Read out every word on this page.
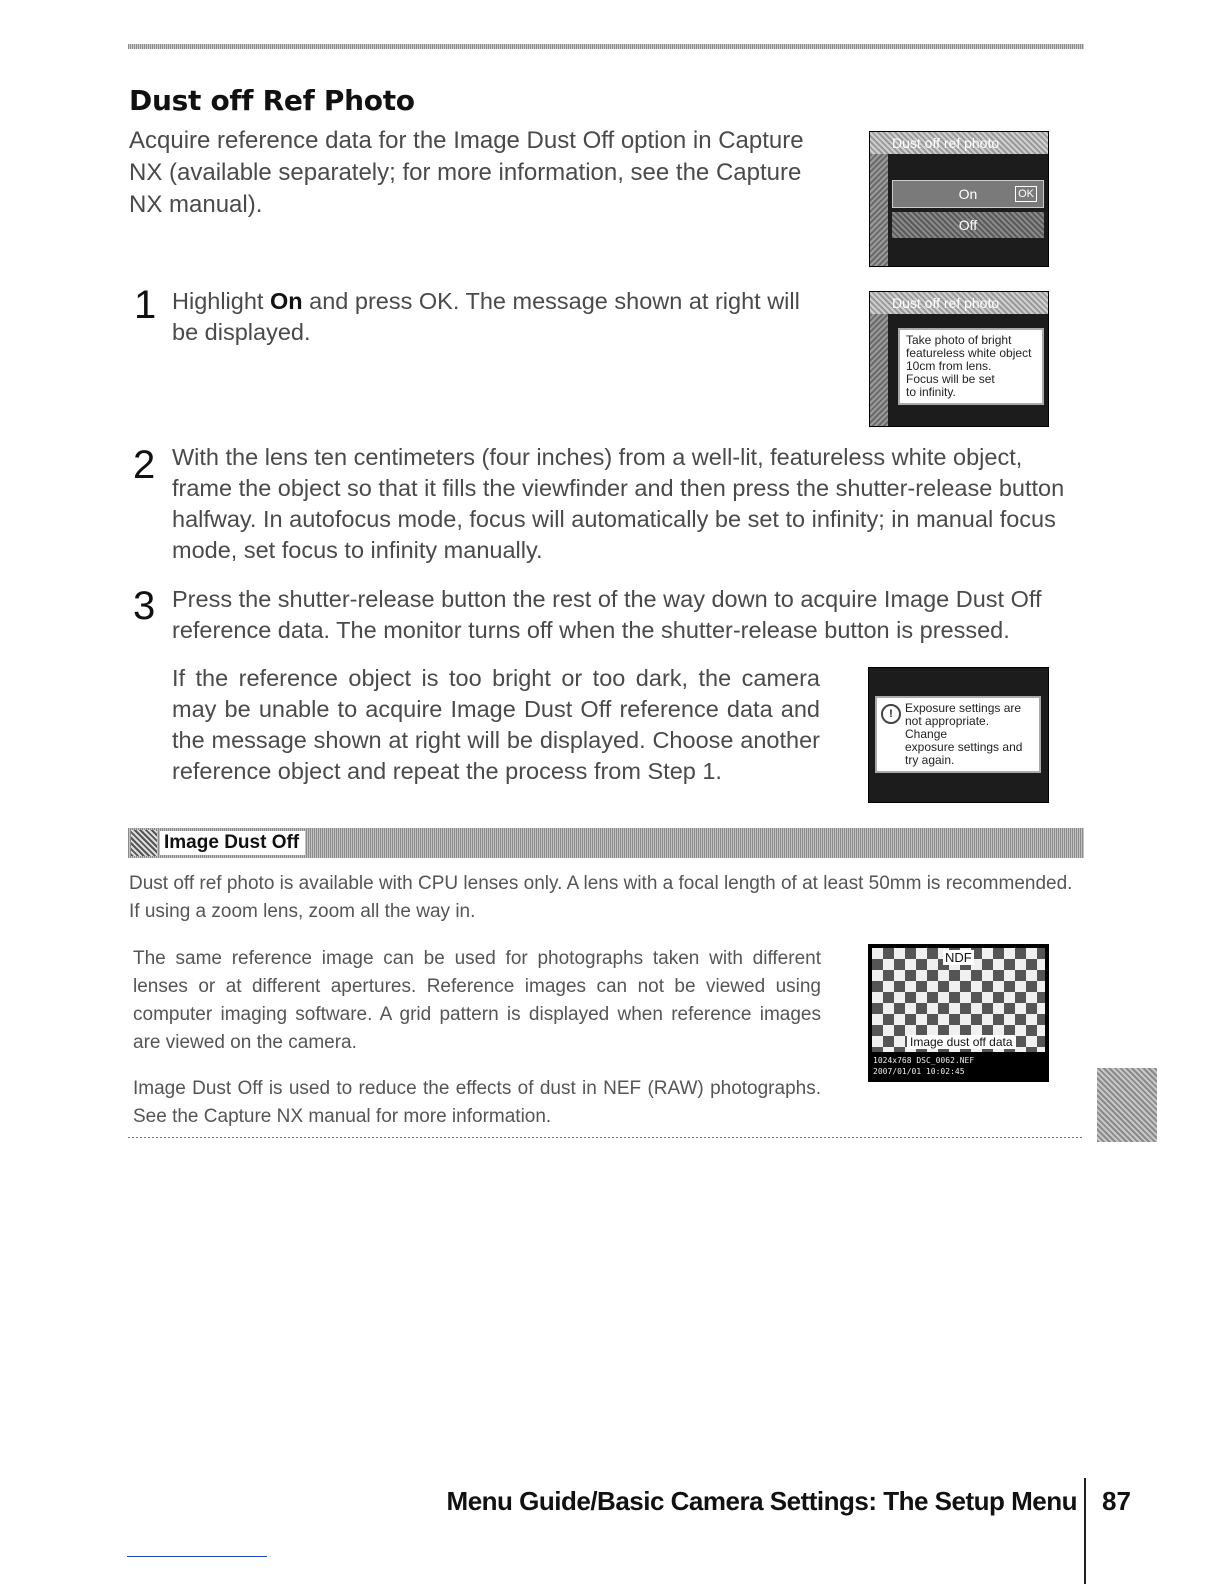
Dust off Ref Photo
Acquire reference data for the Image Dust Off option in Capture NX (available separately; for more information, see the Capture NX manual).
Dust off ref photo
On	OK
Off
1 Highlight On and press OK. The message shown at right will be displayed.
Dust off ref photo
Take photo of bright
featureless white object
10cm from lens.
Focus will be set
to infinity.
2 With the lens ten centimeters (four inches) from a well-lit, featureless white object, frame the object so that it fills the viewfinder and then press the shutter-release button halfway. In autofocus mode, focus will automatically be set to infinity; in manual focus mode, set focus to infinity manually.
3 Press the shutter-release button the rest of the way down to acquire Image Dust Off reference data. The monitor turns off when the shutter-release button is pressed.
If the reference object is too bright or too dark, the camera may be unable to acquire Image Dust Off reference data and the message shown at right will be displayed. Choose another reference object and repeat the process from Step 1.
!	Exposure settings are
not appropriate. Change
exposure settings and
try again.
Image Dust Off
Dust off ref photo is available with CPU lenses only. A lens with a focal length of at least 50mm is recommended. If using a zoom lens, zoom all the way in.
The same reference image can be used for photographs taken with different lenses or at different apertures. Reference images can not be viewed using computer imaging software. A grid pattern is displayed when reference images are viewed on the camera.
Image Dust Off is used to reduce the effects of dust in NEF (RAW) photographs. See the Capture NX manual for more information.
NDF
Image dust off data
1024x768 DSC_0062.NEF
2007/01/01 10:02:45
Menu Guide/Basic Camera Settings: The Setup Menu 87
